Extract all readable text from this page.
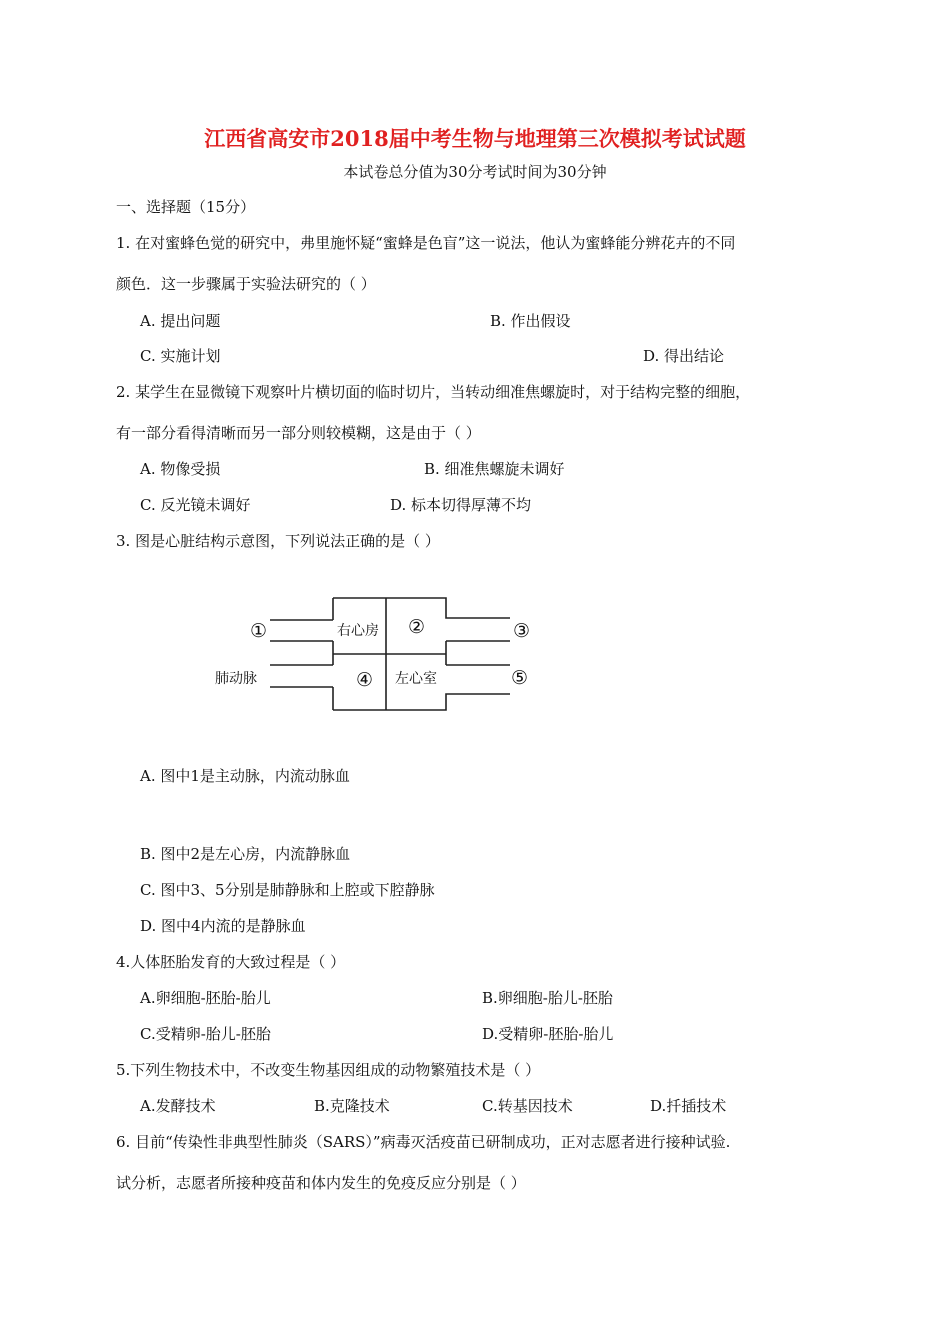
江西省高安市2018届中考生物与地理第三次模拟考试试题
本试卷总分值为30分考试时间为30分钟
一、选择题（15分）
1. 在对蜜蜂色觉的研究中，弗里施怀疑“蜜蜂是色盲”这一说法，他认为蜜蜂能分辨花卉的不同
颜色．这一步骤属于实验法研究的（ ）
A. 提出问题	B. 作出假设
C. 实施计划	D. 得出结论
2. 某学生在显微镜下观察叶片横切面的临时切片，当转动细准焦螺旋时，对于结构完整的细胞，
有一部分看得清晰而另一部分则较模糊，这是由于（ ）
A. 物像受损	B. 细准焦螺旋未调好
C. 反光镜未调好	D. 标本切得厚薄不均
3. 图是心脏结构示意图，下列说法正确的是（ ）
右心房
左心室
肺动脉
①	②	③
④	⑤
A. 图中1是主动脉，内流动脉血
B. 图中2是左心房，内流静脉血
C. 图中3、5分别是肺静脉和上腔或下腔静脉
D. 图中4内流的是静脉血
4.人体胚胎发育的大致过程是（ ）
A.卵细胞-胚胎-胎儿	B.卵细胞-胎儿-胚胎
C.受精卵-胎儿-胚胎	D.受精卵-胚胎-胎儿
5.下列生物技术中，不改变生物基因组成的动物繁殖技术是（ ）
A.发酵技术	B.克隆技术	C.转基因技术	D.扦插技术
6. 目前“传染性非典型性肺炎（SARS）”病毒灭活疫苗已研制成功，正对志愿者进行接种试验.
试分析，志愿者所接种疫苗和体内发生的免疫反应分别是（ ）
